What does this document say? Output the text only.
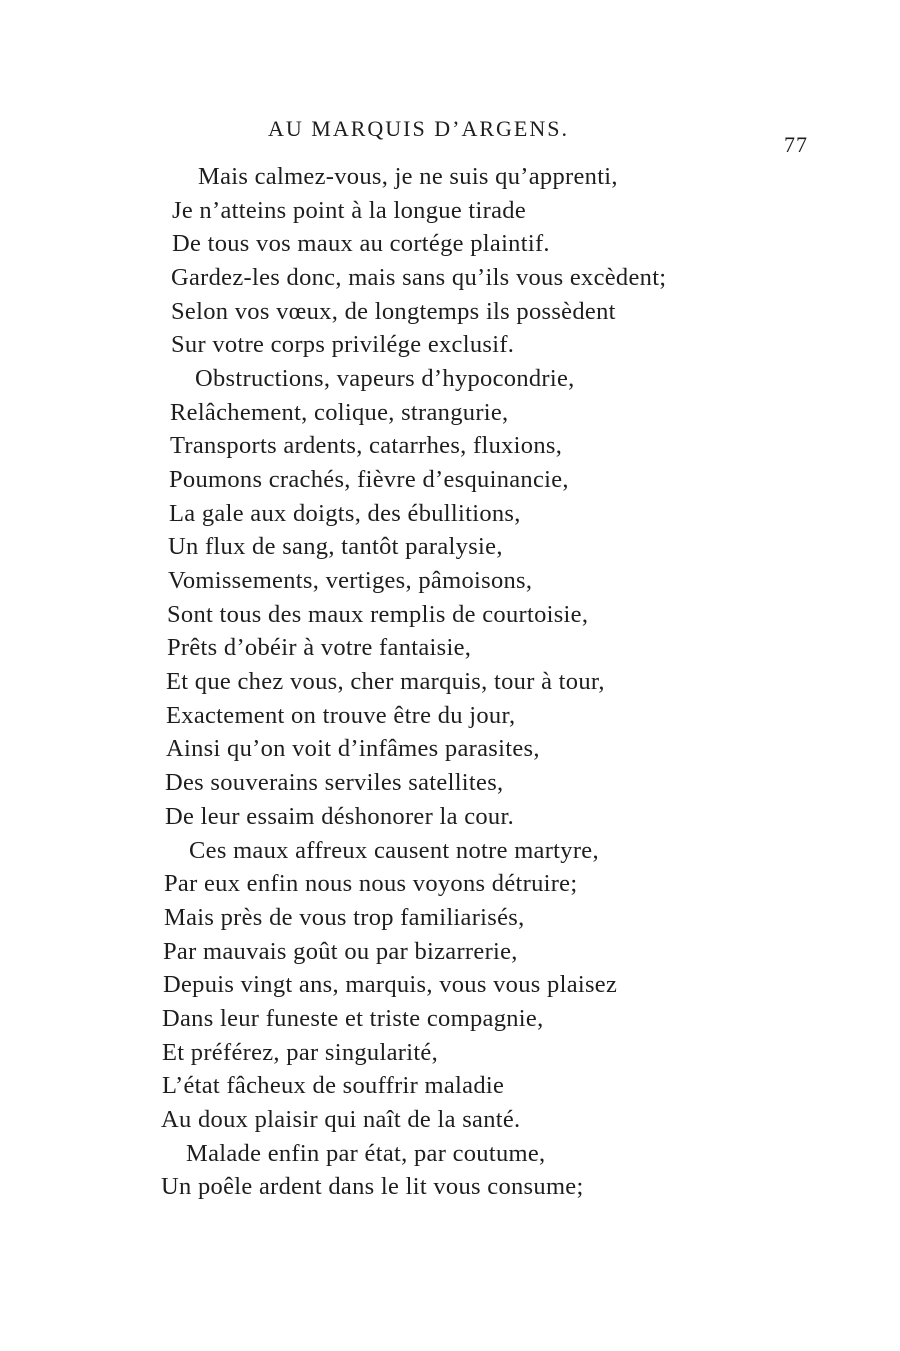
AU MARQUIS D’ARGENS.
77
Mais calmez-vous, je ne suis qu’apprenti,
Je n’atteins point à la longue tirade
De tous vos maux au cortége plaintif.
Gardez-les donc, mais sans qu’ils vous excèdent;
Selon vos vœux, de longtemps ils possèdent
Sur votre corps privilége exclusif.
Obstructions, vapeurs d’hypocondrie,
Relâchement, colique, strangurie,
Transports ardents, catarrhes, fluxions,
Poumons crachés, fièvre d’esquinancie,
La gale aux doigts, des ébullitions,
Un flux de sang, tantôt paralysie,
Vomissements, vertiges, pâmoisons,
Sont tous des maux remplis de courtoisie,
Prêts d’obéir à votre fantaisie,
Et que chez vous, cher marquis, tour à tour,
Exactement on trouve être du jour,
Ainsi qu’on voit d’infâmes parasites,
Des souverains serviles satellites,
De leur essaim déshonorer la cour.
Ces maux affreux causent notre martyre,
Par eux enfin nous nous voyons détruire;
Mais près de vous trop familiarisés,
Par mauvais goût ou par bizarrerie,
Depuis vingt ans, marquis, vous vous plaisez
Dans leur funeste et triste compagnie,
Et préférez, par singularité,
L’état fâcheux de souffrir maladie
Au doux plaisir qui naît de la santé.
Malade enfin par état, par coutume,
Un poêle ardent dans le lit vous consume;
